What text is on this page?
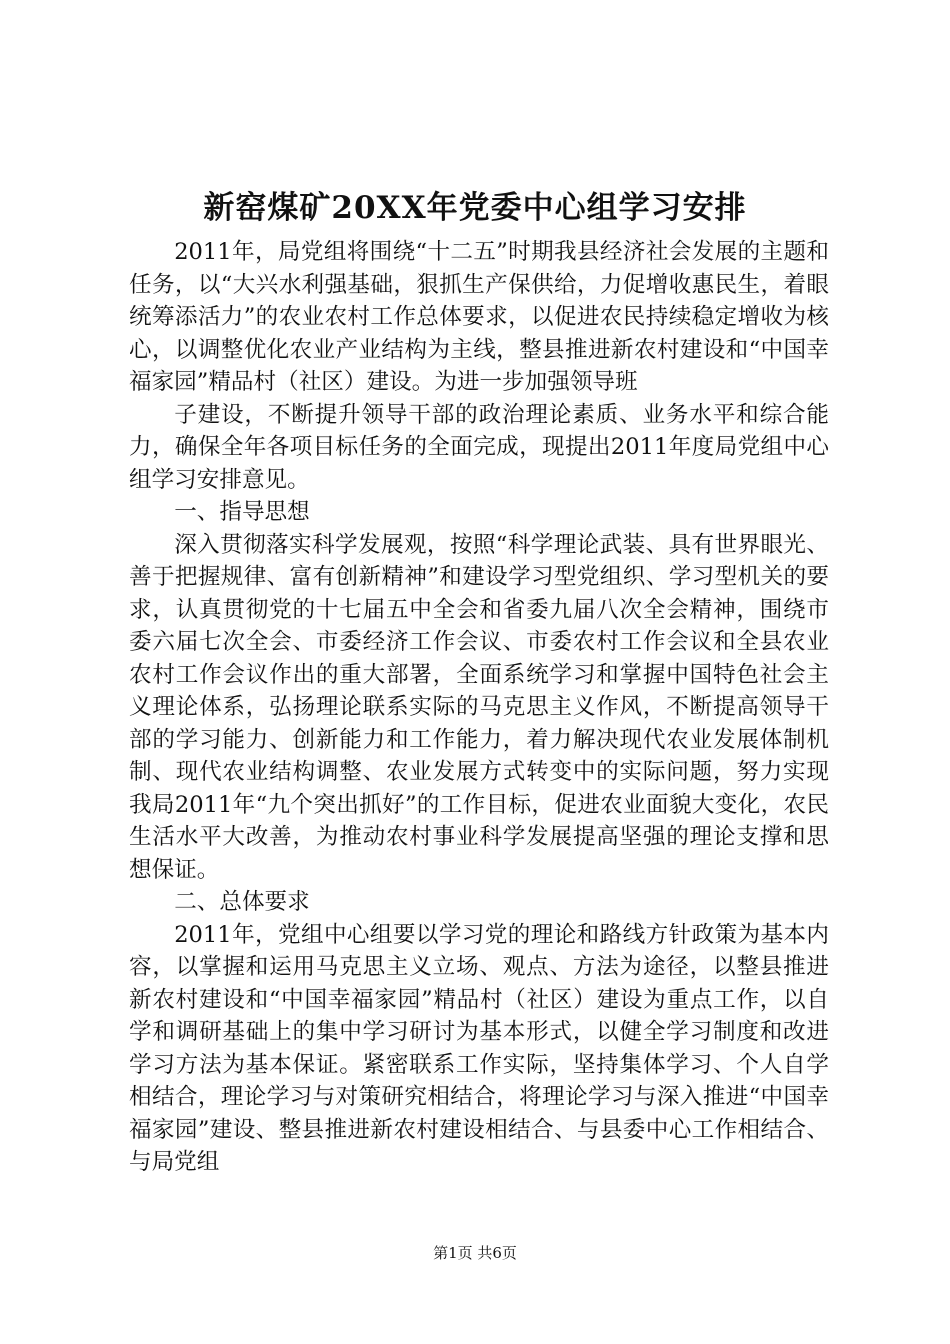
新窑煤矿20XX年党委中心组学习安排

2011年，局党组将围绕“十二五”时期我县经济社会发展的主题和任务，以“大兴水利强基础，狠抓生产保供给，力促增收惠民生，着眼统筹添活力”的农业农村工作总体要求，以促进农民持续稳定增收为核心，以调整优化农业产业结构为主线，整县推进新农村建设和“中国幸福家园”精品村（社区）建设。为进一步加强领导班

子建设，不断提升领导干部的政治理论素质、业务水平和综合能力，确保全年各项目标任务的全面完成，现提出2011年度局党组中心组学习安排意见。

一、指导思想

深入贯彻落实科学发展观，按照“科学理论武装、具有世界眼光、善于把握规律、富有创新精神”和建设学习型党组织、学习型机关的要求，认真贯彻党的十七届五中全会和省委九届八次全会精神，围绕市委六届七次全会、市委经济工作会议、市委农村工作会议和全县农业农村工作会议作出的重大部署，全面系统学习和掌握中国特色社会主义理论体系，弘扬理论联系实际的马克思主义作风，不断提高领导干部的学习能力、创新能力和工作能力，着力解决现代农业发展体制机制、现代农业结构调整、农业发展方式转变中的实际问题，努力实现我局2011年“九个突出抓好”的工作目标，促进农业面貌大变化，农民生活水平大改善，为推动农村事业科学发展提高坚强的理论支撑和思想保证。

二、总体要求

2011年，党组中心组要以学习党的理论和路线方针政策为基本内容，以掌握和运用马克思主义立场、观点、方法为途径，以整县推进新农村建设和“中国幸福家园”精品村（社区）建设为重点工作，以自学和调研基础上的集中学习研讨为基本形式，以健全学习制度和改进学习方法为基本保证。紧密联系工作实际，坚持集体学习、个人自学相结合，理论学习与对策研究相结合，将理论学习与深入推进“中国幸福家园”建设、整县推进新农村建设相结合、与县委中心工作相结合、与局党组

第1页 共6页
